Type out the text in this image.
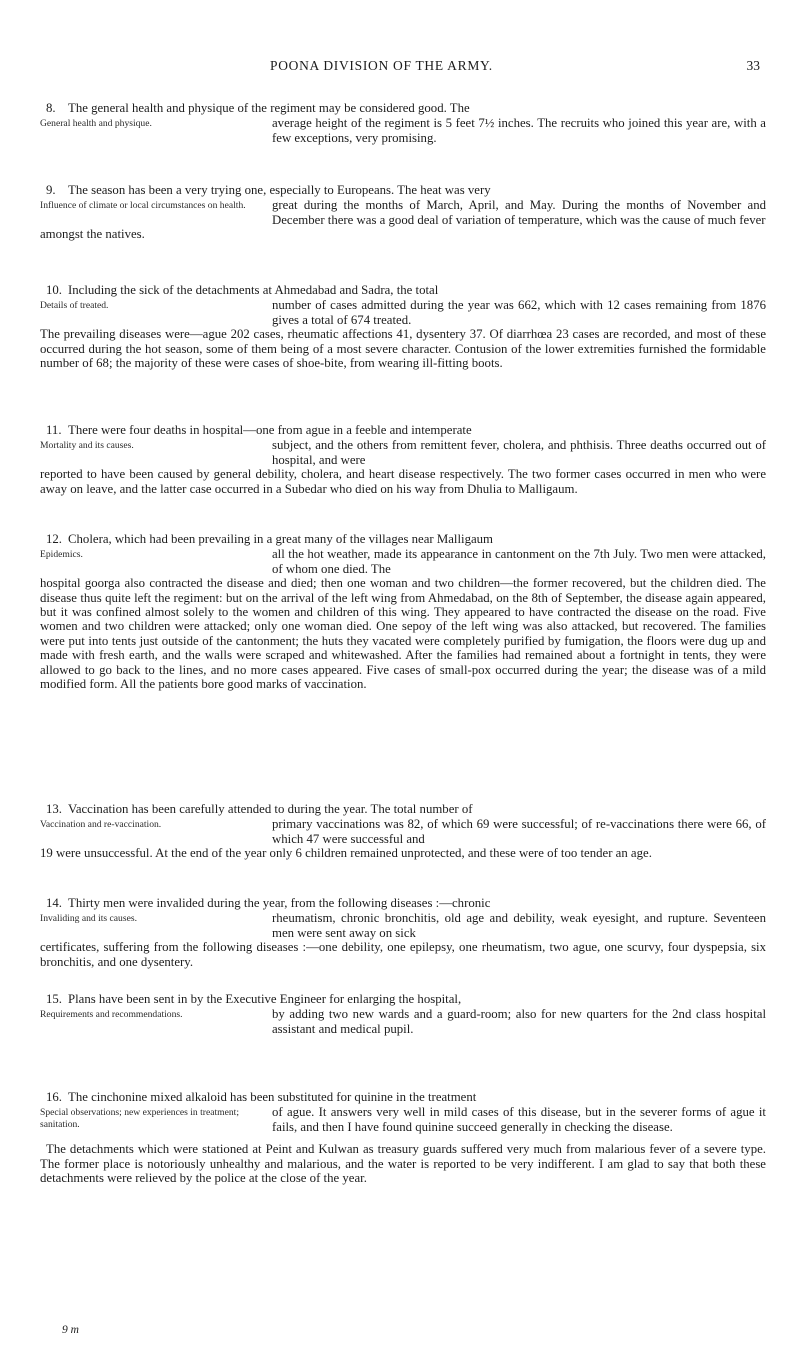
POONA DIVISION OF THE ARMY.	33

8. The general health and physique of the regiment may be considered good. The

General health and physique.	average height of the regiment is 5 feet 7½ inches. The recruits who joined this year are, with a few exceptions, very promising.

9. The season has been a very trying one, especially to Europeans. The heat was very

Influence of climate or local circumstances on health.	great during the months of March, April, and May. During the months of November and December there was a good deal of variation of temperature, which was the cause of much fever

amongst the natives.

10. Including the sick of the detachments at Ahmedabad and Sadra, the total

Details of treated.	number of cases admitted during the year was 662, which with 12 cases remaining from 1876 gives a total of 674 treated.

The prevailing diseases were—ague 202 cases, rheumatic affections 41, dysentery 37. Of diarrhœa 23 cases are recorded, and most of these occurred during the hot season, some of them being of a most severe character. Contusion of the lower extremities furnished the formidable number of 68; the majority of these were cases of shoe-bite, from wearing ill-fitting boots.

11. There were four deaths in hospital—one from ague in a feeble and intemperate

Mortality and its causes.	subject, and the others from remittent fever, cholera, and phthisis. Three deaths occurred out of hospital, and were

reported to have been caused by general debility, cholera, and heart disease respectively. The two former cases occurred in men who were away on leave, and the latter case occurred in a Subedar who died on his way from Dhulia to Malligaum.

12. Cholera, which had been prevailing in a great many of the villages near Malligaum

Epidemics.	all the hot weather, made its appearance in cantonment on the 7th July. Two men were attacked, of whom one died. The

hospital goorga also contracted the disease and died; then one woman and two children—the former recovered, but the children died. The disease thus quite left the regiment: but on the arrival of the left wing from Ahmedabad, on the 8th of September, the disease again appeared, but it was confined almost solely to the women and children of this wing. They appeared to have contracted the disease on the road. Five women and two children were attacked; only one woman died. One sepoy of the left wing was also attacked, but recovered. The families were put into tents just outside of the cantonment; the huts they vacated were completely purified by fumigation, the floors were dug up and made with fresh earth, and the walls were scraped and whitewashed. After the families had remained about a fortnight in tents, they were allowed to go back to the lines, and no more cases appeared. Five cases of small-pox occurred during the year; the disease was of a mild modified form. All the patients bore good marks of vaccination.

13. Vaccination has been carefully attended to during the year. The total number of

Vaccination and re-vaccination.	primary vaccinations was 82, of which 69 were successful; of re-vaccinations there were 66, of which 47 were successful and

19 were unsuccessful. At the end of the year only 6 children remained unprotected, and these were of too tender an age.

14. Thirty men were invalided during the year, from the following diseases :—chronic

Invaliding and its causes.	rheumatism, chronic bronchitis, old age and debility, weak eyesight, and rupture. Seventeen men were sent away on sick

certificates, suffering from the following diseases :—one debility, one epilepsy, one rheumatism, two ague, one scurvy, four dyspepsia, six bronchitis, and one dysentery.

15. Plans have been sent in by the Executive Engineer for enlarging the hospital,

Requirements and recommendations.	by adding two new wards and a guard-room; also for new quarters for the 2nd class hospital assistant and medical pupil.

16. The cinchonine mixed alkaloid has been substituted for quinine in the treatment

Special observations; new experiences in treatment; sanitation.

of ague. It answers very well in mild cases of this disease, but in the severer forms of ague it fails, and then I have found quinine succeed generally in checking the disease.

The detachments which were stationed at Peint and Kulwan as treasury guards suffered very much from malarious fever of a severe type. The former place is notoriously unhealthy and malarious, and the water is reported to be very indifferent. I am glad to say that both these detachments were relieved by the police at the close of the year.

9 m
